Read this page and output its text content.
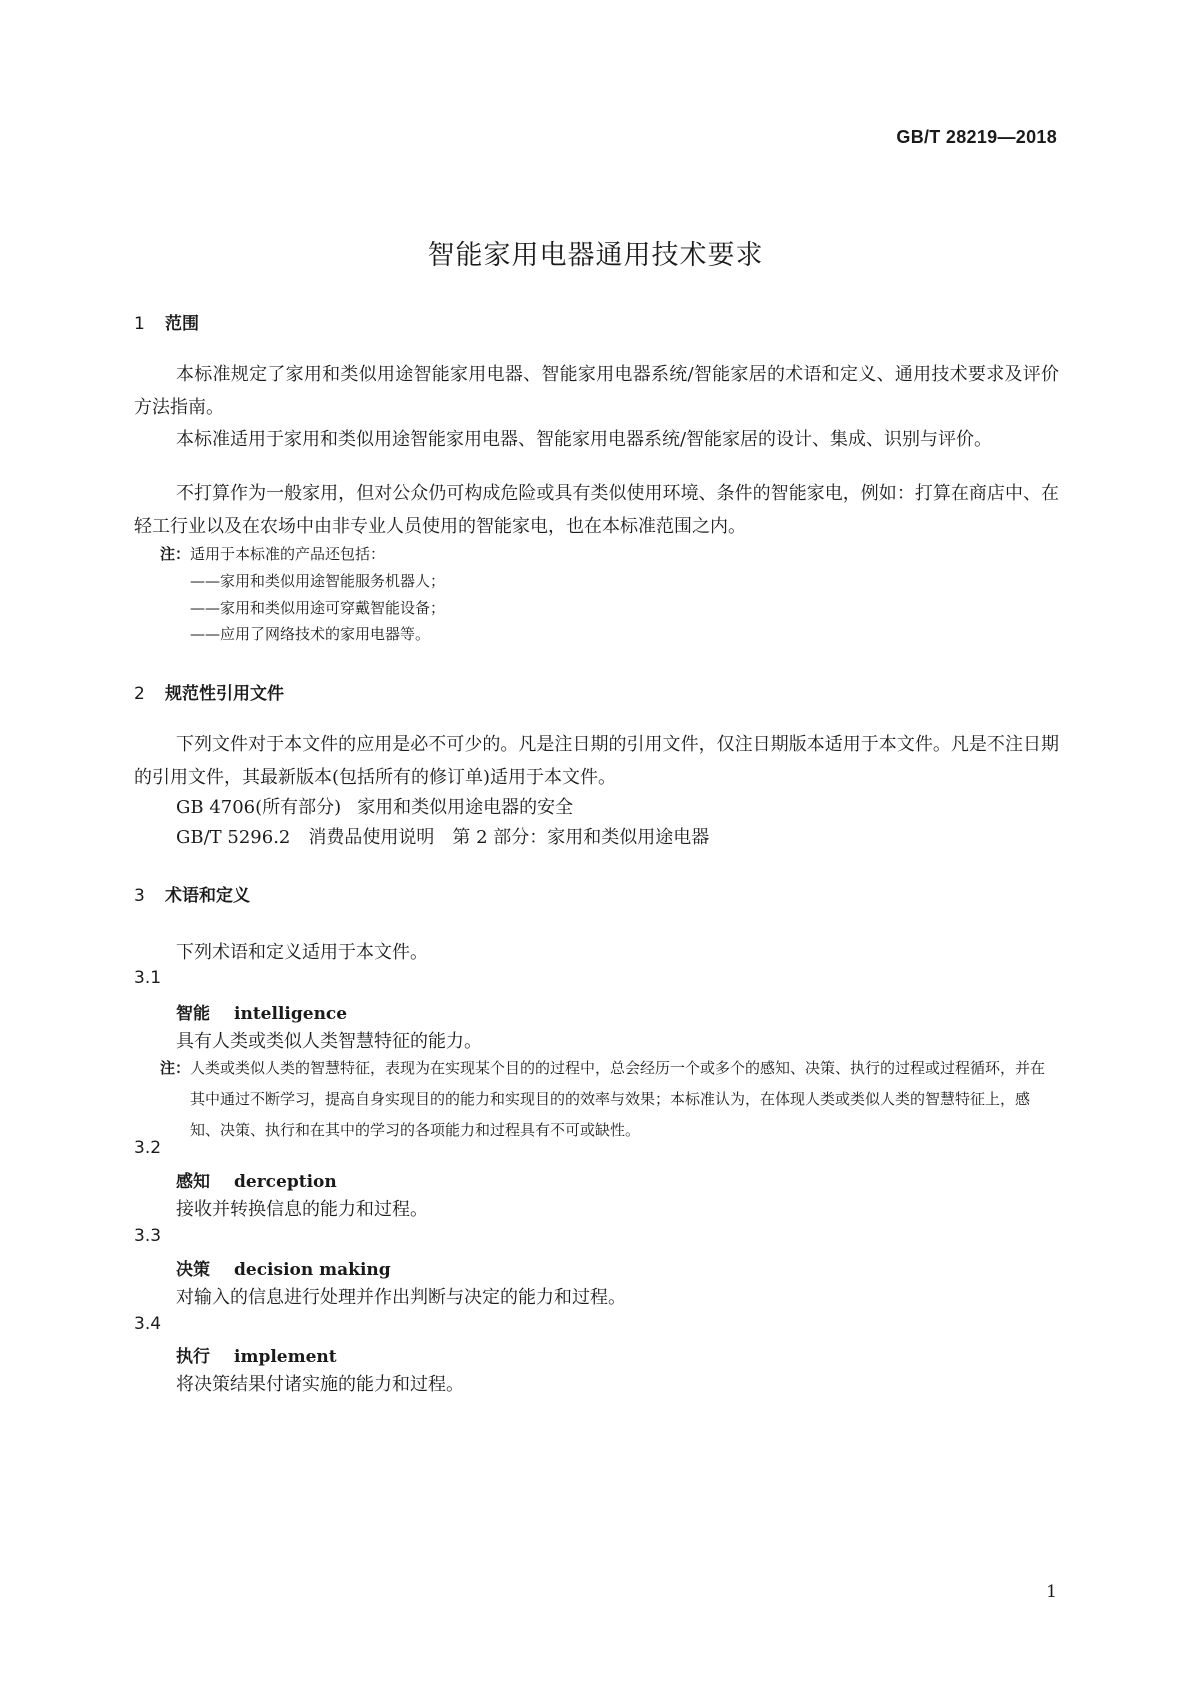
GB/T 28219—2018
智能家用电器通用技术要求
1 范围
本标准规定了家用和类似用途智能家用电器、智能家用电器系统/智能家居的术语和定义、通用技术要求及评价方法指南。
本标准适用于家用和类似用途智能家用电器、智能家用电器系统/智能家居的设计、集成、识别与评价。
不打算作为一般家用，但对公众仍可构成危险或具有类似使用环境、条件的智能家电，例如：打算在商店中、在轻工行业以及在农场中由非专业人员使用的智能家电，也在本标准范围之内。
注：适用于本标准的产品还包括：
——家用和类似用途智能服务机器人；
——家用和类似用途可穿戴智能设备；
——应用了网络技术的家用电器等。
2 规范性引用文件
下列文件对于本文件的应用是必不可少的。凡是注日期的引用文件，仅注日期版本适用于本文件。凡是不注日期的引用文件，其最新版本(包括所有的修订单)适用于本文件。
GB 4706(所有部分) 家用和类似用途电器的安全
GB/T 5296.2 消费品使用说明　第 2 部分：家用和类似用途电器
3 术语和定义
下列术语和定义适用于本文件。
3.1
智能 intelligence
具有人类或类似人类智慧特征的能力。
注：人类或类似人类的智慧特征，表现为在实现某个目的的过程中，总会经历一个或多个的感知、决策、执行的过程或过程循环，并在其中通过不断学习，提高自身实现目的的能力和实现目的的效率与效果；本标准认为，在体现人类或类似人类的智慧特征上，感知、决策、执行和在其中的学习的各项能力和过程具有不可或缺性。
3.2
感知 derception
接收并转换信息的能力和过程。
3.3
决策 decision making
对输入的信息进行处理并作出判断与决定的能力和过程。
3.4
执行 implement
将决策结果付诸实施的能力和过程。
1
